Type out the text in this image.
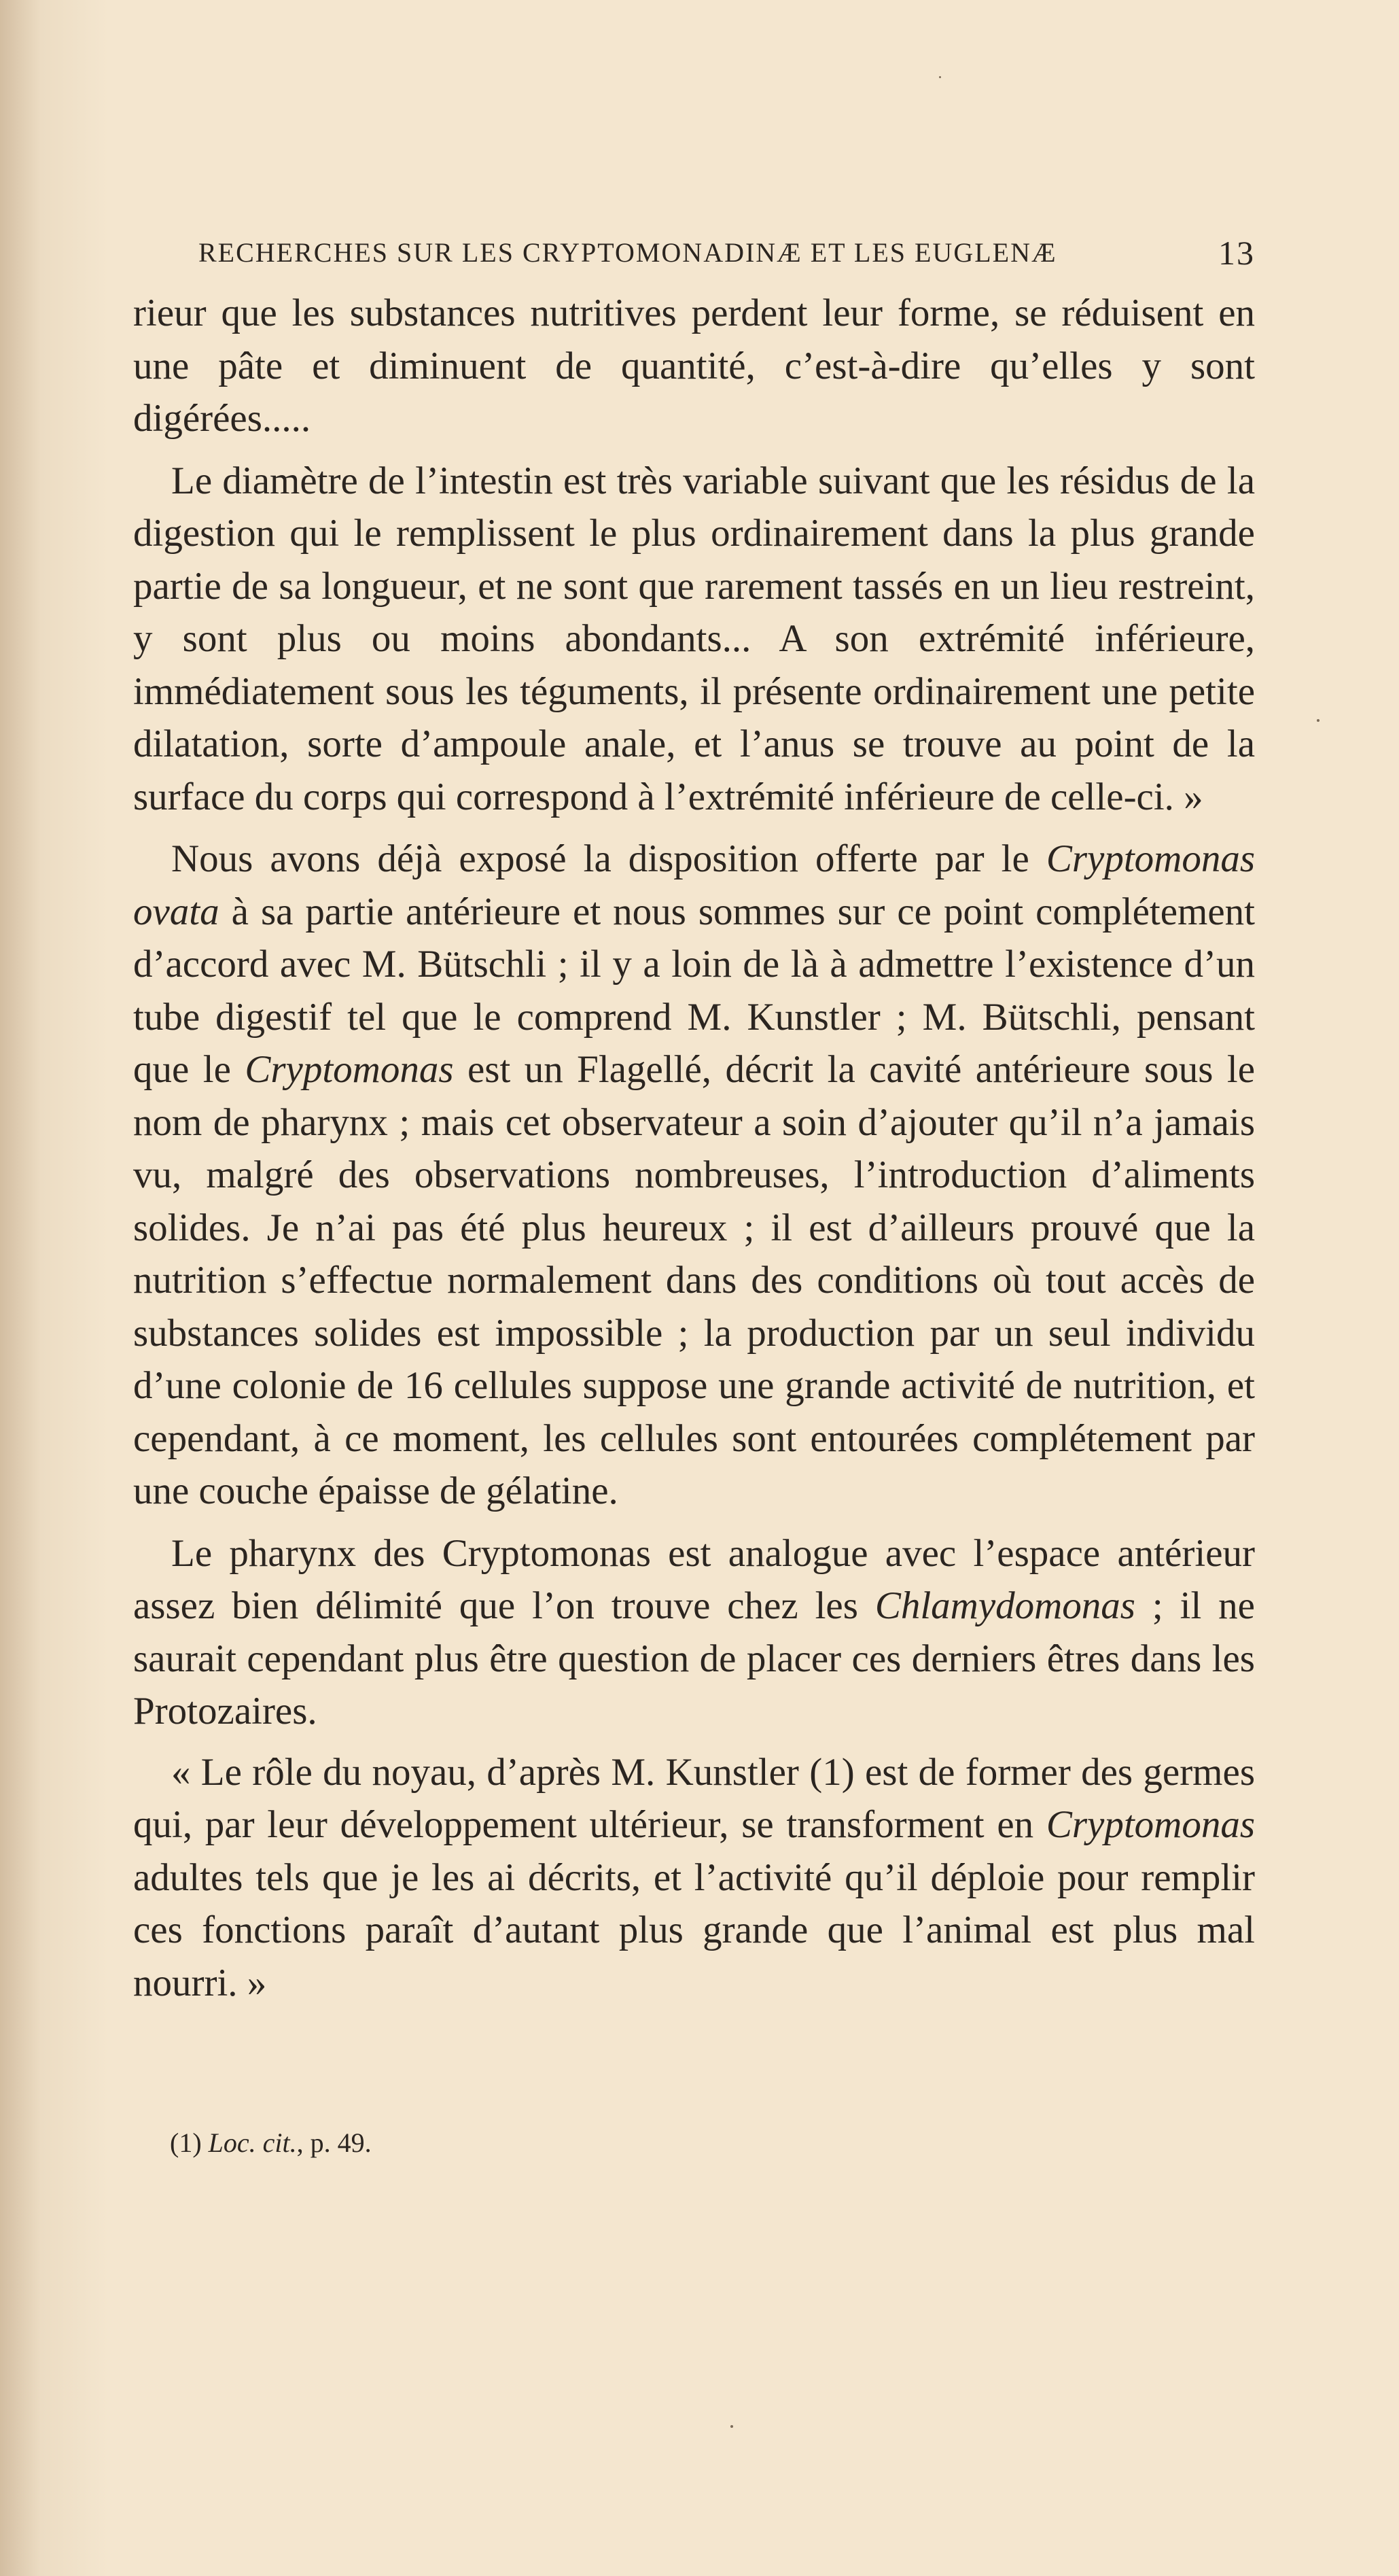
RECHERCHES SUR LES CRYPTOMONADINÆ ET LES EUGLENÆ	13

rieur que les substances nutritives perdent leur forme, se réduisent en une pâte et diminuent de quantité, c’est-à-dire qu’elles y sont digérées.....

Le diamètre de l’intestin est très variable suivant que les résidus de la digestion qui le remplissent le plus ordinairement dans la plus grande partie de sa longueur, et ne sont que rarement tassés en un lieu restreint, y sont plus ou moins abondants... A son extrémité inférieure, immédiatement sous les téguments, il présente ordinairement une petite dilatation, sorte d’ampoule anale, et l’anus se trouve au point de la surface du corps qui correspond à l’extrémité inférieure de celle-ci. »

Nous avons déjà exposé la disposition offerte par le Cryptomonas ovata à sa partie antérieure et nous sommes sur ce point complétement d’accord avec M. Bütschli ; il y a loin de là à admettre l’existence d’un tube digestif tel que le comprend M. Kunstler ; M. Bütschli, pensant que le Cryptomonas est un Flagellé, décrit la cavité antérieure sous le nom de pharynx ; mais cet observateur a soin d’ajouter qu’il n’a jamais vu, malgré des observations nombreuses, l’introduction d’aliments solides. Je n’ai pas été plus heureux ; il est d’ailleurs prouvé que la nutrition s’effectue normalement dans des conditions où tout accès de substances solides est impossible ; la production par un seul individu d’une colonie de 16 cellules suppose une grande activité de nutrition, et cependant, à ce moment, les cellules sont entourées complétement par une couche épaisse de gélatine.

Le pharynx des Cryptomonas est analogue avec l’espace antérieur assez bien délimité que l’on trouve chez les Chlamydomonas ; il ne saurait cependant plus être question de placer ces derniers êtres dans les Protozaires.

« Le rôle du noyau, d’après M. Kunstler (1) est de former des germes qui, par leur développement ultérieur, se transforment en Cryptomonas adultes tels que je les ai décrits, et l’activité qu’il déploie pour remplir ces fonctions paraît d’autant plus grande que l’animal est plus mal nourri. »

(1) Loc. cit., p. 49.
